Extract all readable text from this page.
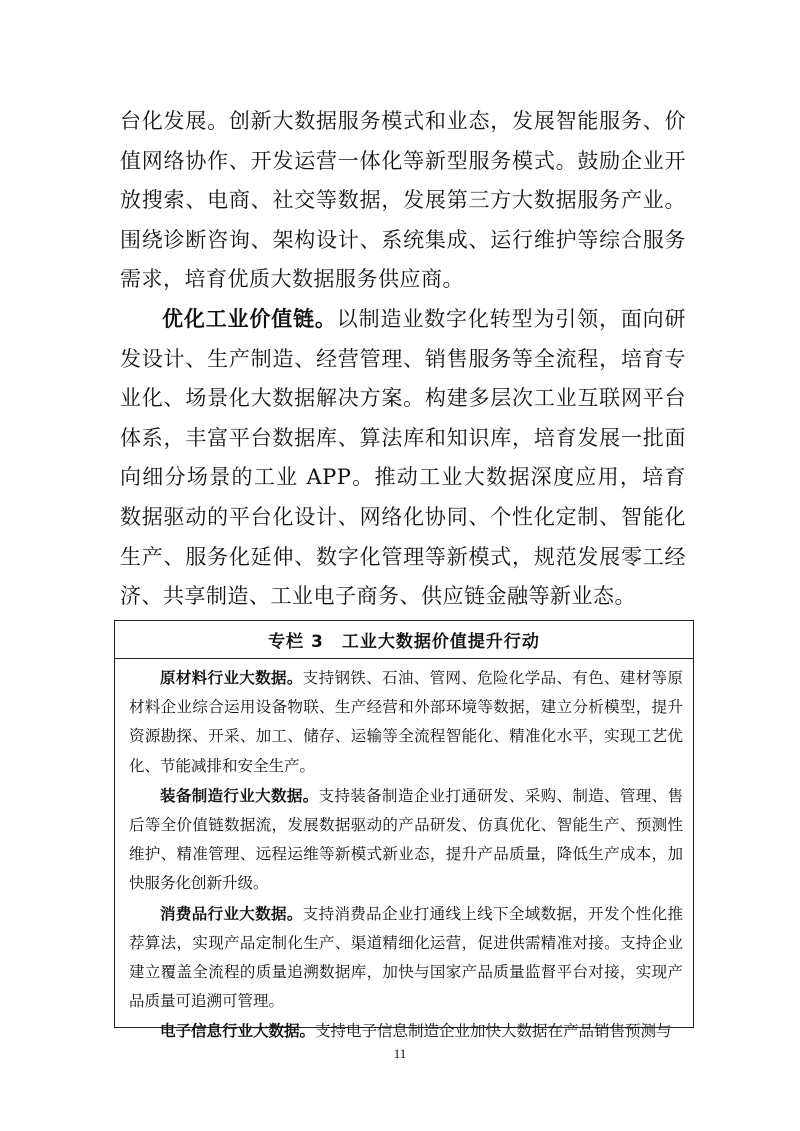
台化发展。创新大数据服务模式和业态，发展智能服务、价值网络协作、开发运营一体化等新型服务模式。鼓励企业开放搜索、电商、社交等数据，发展第三方大数据服务产业。围绕诊断咨询、架构设计、系统集成、运行维护等综合服务需求，培育优质大数据服务供应商。

优化工业价值链。以制造业数字化转型为引领，面向研发设计、生产制造、经营管理、销售服务等全流程，培育专业化、场景化大数据解决方案。构建多层次工业互联网平台体系，丰富平台数据库、算法库和知识库，培育发展一批面向细分场景的工业 APP。推动工业大数据深度应用，培育数据驱动的平台化设计、网络化协同、个性化定制、智能化生产、服务化延伸、数字化管理等新模式，规范发展零工经济、共享制造、工业电子商务、供应链金融等新业态。

专栏 3 工业大数据价值提升行动

原材料行业大数据。支持钢铁、石油、管网、危险化学品、有色、建材等原材料企业综合运用设备物联、生产经营和外部环境等数据，建立分析模型，提升资源勘探、开采、加工、储存、运输等全流程智能化、精准化水平，实现工艺优化、节能减排和安全生产。

装备制造行业大数据。支持装备制造企业打通研发、采购、制造、管理、售后等全价值链数据流，发展数据驱动的产品研发、仿真优化、智能生产、预测性维护、精准管理、远程运维等新模式新业态，提升产品质量，降低生产成本，加快服务化创新升级。

消费品行业大数据。支持消费品企业打通线上线下全域数据，开发个性化推荐算法，实现产品定制化生产、渠道精细化运营，促进供需精准对接。支持企业建立覆盖全流程的质量追溯数据库，加快与国家产品质量监督平台对接，实现产品质量可追溯可管理。

电子信息行业大数据。支持电子信息制造企业加快大数据在产品销售预测与

11
